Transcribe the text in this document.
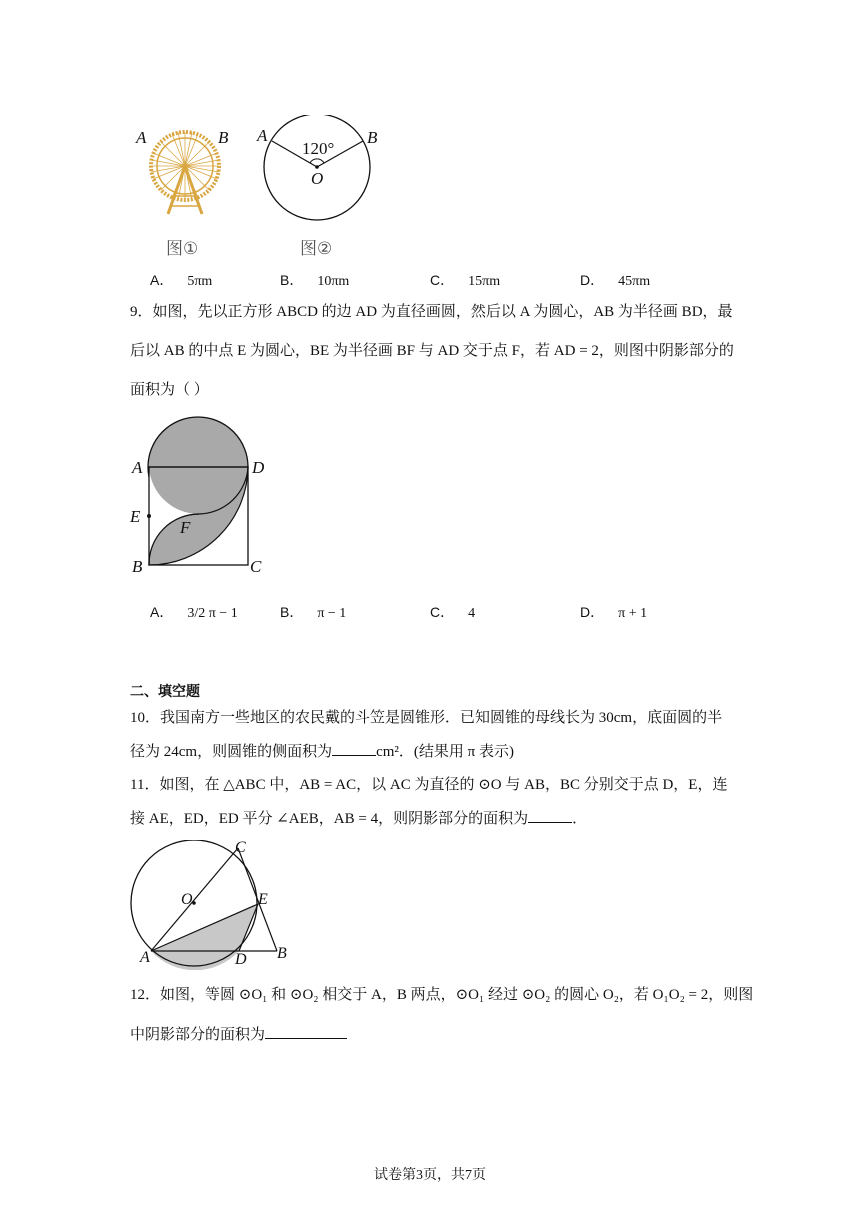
A	B
图①
A	B
120°
O
图②
A． 5πm	B． 10πm	C． 15πm	D． 45πm
9．如图，先以正方形 ABCD 的边 AD 为直径画圆，然后以 A 为圆心，AB 为半径画 BD，最
后以 AB 的中点 E 为圆心，BE 为半径画 BF 与 AD 交于点 F，若 AD = 2，则图中阴影部分的
面积为（ ）
A	D
E
F
B	C
A． 3/2 π − 1	B． π − 1	C． 4	D． π + 1
二、填空题
10．我国南方一些地区的农民戴的斗笠是圆锥形．已知圆锥的母线长为 30cm，底面圆的半
径为 24cm，则圆锥的侧面积为	cm²．(结果用 π 表示)
11．如图，在 △ABC 中，AB = AC，以 AC 为直径的 ⊙O 与 AB，BC 分别交于点 D，E，连
接 AE，ED，ED 平分 ∠AEB，AB = 4，则阴影部分的面积为	．
C
O	E
A	D B
12．如图，等圆 ⊙O₁ 和 ⊙O₂ 相交于 A，B 两点，⊙O₁ 经过 ⊙O₂ 的圆心 O₂，若 O₁O₂ = 2，则图
中阴影部分的面积为
试卷第3页，共7页
